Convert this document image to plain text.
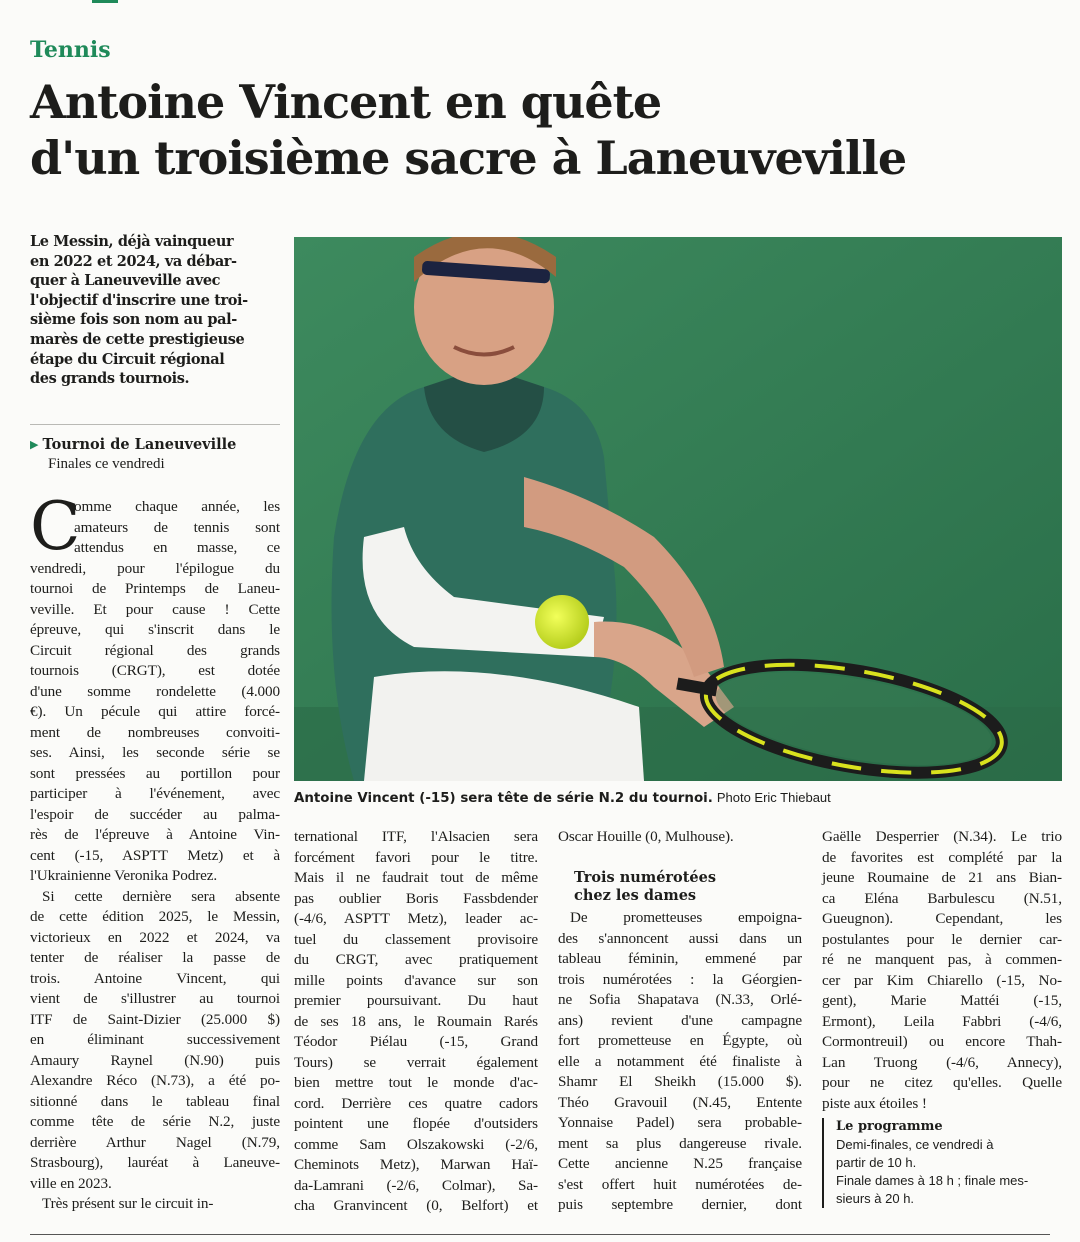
Tennis
Antoine Vincent en quête
d'un troisième sacre à Laneuveville
Le Messin, déjà vainqueur
en 2022 et 2024, va débar-
quer à Laneuveville avec
l'objectif d'inscrire une troi-
sième fois son nom au pal-
marès de cette prestigieuse
étape du Circuit régional
des grands tournois.
▶ Tournoi de Laneuveville
Finales ce vendredi
C
omme chaque année, les
amateurs de tennis sont
attendus en masse, ce
vendredi, pour l'épilogue du
tournoi de Printemps de Laneu-
veville. Et pour cause ! Cette
épreuve, qui s'inscrit dans le
Circuit régional des grands
tournois (CRGT), est dotée
d'une somme rondelette (4.000
€). Un pécule qui attire forcé-
ment de nombreuses convoiti-
ses. Ainsi, les seconde série se
sont pressées au portillon pour
participer à l'événement, avec
l'espoir de succéder au palma-
rès de l'épreuve à Antoine Vin-
cent (-15, ASPTT Metz) et à
l'Ukrainienne Veronika Podrez.
Si cette dernière sera absente
de cette édition 2025, le Messin,
victorieux en 2022 et 2024, va
tenter de réaliser la passe de
trois. Antoine Vincent, qui
vient de s'illustrer au tournoi
ITF de Saint-Dizier (25.000 $)
en éliminant successivement
Amaury Raynel (N.90) puis
Alexandre Réco (N.73), a été po-
sitionné dans le tableau final
comme tête de série N.2, juste
derrière Arthur Nagel (N.79,
Strasbourg), lauréat à Laneuve-
ville en 2023.
Très présent sur le circuit in-
Antoine Vincent (-15) sera tête de série N.2 du tournoi. Photo Eric Thiebaut
ternational ITF, l'Alsacien sera
forcément favori pour le titre.
Mais il ne faudrait tout de même
pas oublier Boris Fassbdender
(-4/6, ASPTT Metz), leader ac-
tuel du classement provisoire
du CRGT, avec pratiquement
mille points d'avance sur son
premier poursuivant. Du haut
de ses 18 ans, le Roumain Rarés
Téodor Piélau (-15, Grand
Tours) se verrait également
bien mettre tout le monde d'ac-
cord. Derrière ces quatre cadors
pointent une flopée d'outsiders
comme Sam Olszakowski (-2/6,
Cheminots Metz), Marwan Haï-
da-Lamrani (-2/6, Colmar), Sa-
cha Granvincent (0, Belfort) et
Oscar Houille (0, Mulhouse).
Trois numérotées
chez les dames
De prometteuses empoigna-
des s'annoncent aussi dans un
tableau féminin, emmené par
trois numérotées : la Géorgien-
ne Sofia Shapatava (N.33, Orlé-
ans) revient d'une campagne
fort prometteuse en Égypte, où
elle a notamment été finaliste à
Shamr El Sheikh (15.000 $).
Théo Gravouil (N.45, Entente
Yonnaise Padel) sera probable-
ment sa plus dangereuse rivale.
Cette ancienne N.25 française
s'est offert huit numérotées de-
puis septembre dernier, dont
Gaëlle Desperrier (N.34). Le trio
de favorites est complété par la
jeune Roumaine de 21 ans Bian-
ca Eléna Barbulescu (N.51,
Gueugnon). Cependant, les
postulantes pour le dernier car-
ré ne manquent pas, à commen-
cer par Kim Chiarello (-15, No-
gent), Marie Mattéi (-15,
Ermont), Leila Fabbri (-4/6,
Cormontreuil) ou encore Thah-
Lan Truong (-4/6, Annecy),
pour ne citez qu'elles. Quelle
piste aux étoiles !
Le programme
Demi-finales, ce vendredi à
partir de 10 h.
Finale dames à 18 h ; finale mes-
sieurs à 20 h.
